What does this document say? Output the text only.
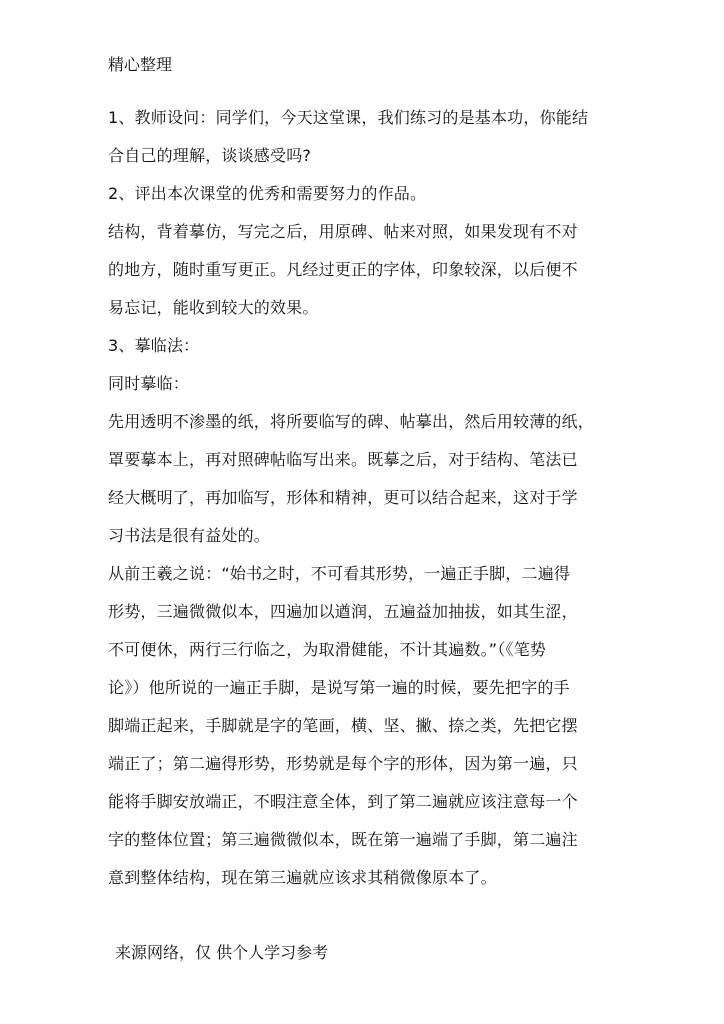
精心整理
1、教师设问：同学们，今天这堂课，我们练习的是基本功，你能结
合自己的理解，谈谈感受吗?
2、评出本次课堂的优秀和需要努力的作品。
结构，背着摹仿，写完之后，用原碑、帖来对照，如果发现有不对
的地方，随时重写更正。凡经过更正的字体，印象较深，以后便不
易忘记，能收到较大的效果。
3、摹临法：
同时摹临：
先用透明不渗墨的纸，将所要临写的碑、帖摹出，然后用较薄的纸，
罩要摹本上，再对照碑帖临写出来。既摹之后，对于结构、笔法已
经大概明了，再加临写，形体和精神，更可以结合起来，这对于学
习书法是很有益处的。
从前王羲之说：“始书之时，不可看其形势，一遍正手脚，二遍得
形势，三遍微微似本，四遍加以遒润，五遍益加抽拔，如其生涩，
不可便休，两行三行临之，为取滑健能，不计其遍数。”（《笔势
论》）他所说的一遍正手脚，是说写第一遍的时候，要先把字的手
脚端正起来，手脚就是字的笔画，横、坚、撇、捺之类，先把它摆
端正了；第二遍得形势，形势就是每个字的形体，因为第一遍，只
能将手脚安放端正，不暇注意全体，到了第二遍就应该注意每一个
字的整体位置；第三遍微微似本，既在第一遍端了手脚，第二遍注
意到整体结构，现在第三遍就应该求其稍微像原本了。
来源网络，仅 供个人学习参考
